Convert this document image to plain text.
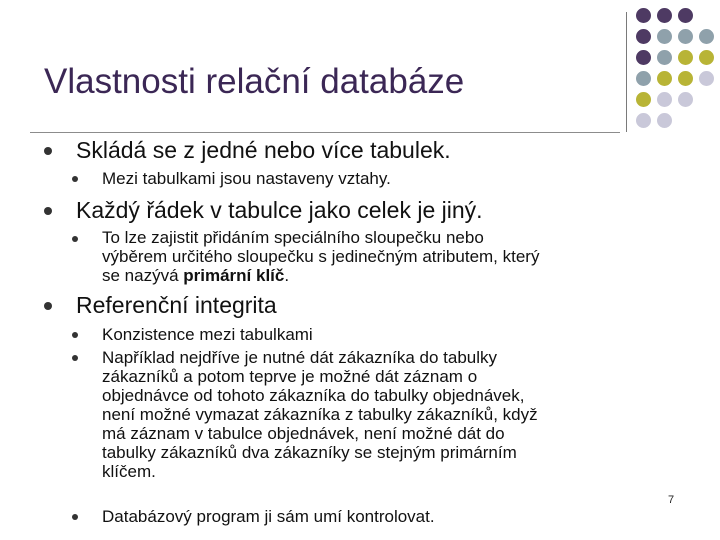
Vlastnosti relační databáze
Skládá se z jedné nebo více tabulek.
Mezi tabulkami jsou nastaveny vztahy.
Každý řádek v tabulce jako celek je jiný.
To lze zajistit přidáním speciálního sloupečku nebo
výběrem určitého sloupečku s jedinečným atributem, který
se nazývá primární klíč.
Referenční integrita
Konzistence mezi tabulkami
Například nejdříve je nutné dát zákazníka do tabulky
zákazníků a potom teprve je možné dát záznam o
objednávce od tohoto zákazníka do tabulky objednávek,
není možné vymazat zákazníka z tabulky zákazníků, když
má záznam v tabulce objednávek, není možné dát do
tabulky zákazníků dva zákazníky se stejným primárním
klíčem.
Databázový program ji sám umí kontrolovat.
7
